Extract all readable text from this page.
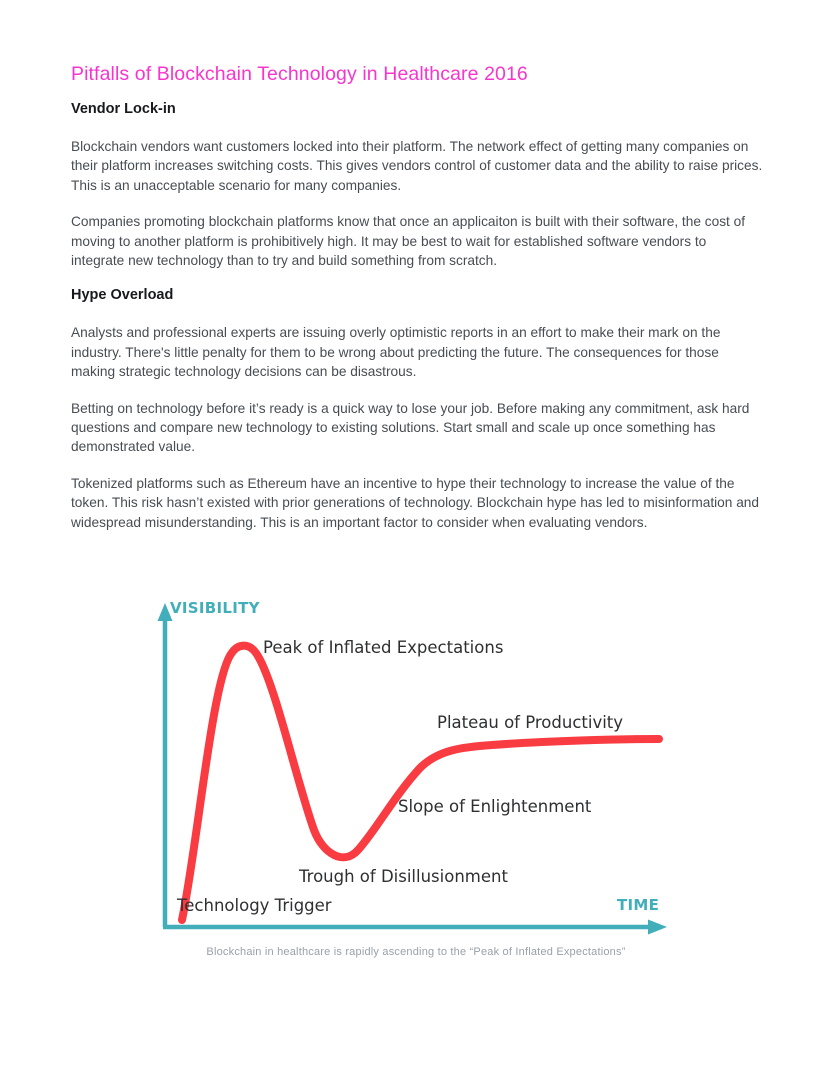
Pitfalls of Blockchain Technology in Healthcare 2016
Vendor Lock-in

Blockchain vendors want customers locked into their platform. The network effect of getting many companies on their platform increases switching costs. This gives vendors control of customer data and the ability to raise prices. This is an unacceptable scenario for many companies.

Companies promoting blockchain platforms know that once an applicaiton is built with their software, the cost of moving to another platform is prohibitively high. It may be best to wait for established software vendors to integrate new technology than to try and build something from scratch.

Hype Overload

Analysts and professional experts are issuing overly optimistic reports in an effort to make their mark on the industry. There's little penalty for them to be wrong about predicting the future. The consequences for those making strategic technology decisions can be disastrous.

Betting on technology before it’s ready is a quick way to lose your job. Before making any commitment, ask hard questions and compare new technology to existing solutions. Start small and scale up once something has demonstrated value.

Tokenized platforms such as Ethereum have an incentive to hype their technology to increase the value of the token. This risk hasn’t existed with prior generations of technology. Blockchain hype has led to misinformation and widespread misunderstanding. This is an important factor to consider when evaluating vendors.

VISIBILITY
TIME
Peak of Inflated Expectations
Plateau of Productivity
Slope of Enlightenment
Trough of Disillusionment
Technology Trigger
Blockchain in healthcare is rapidly ascending to the “Peak of Inflated Expectations”
